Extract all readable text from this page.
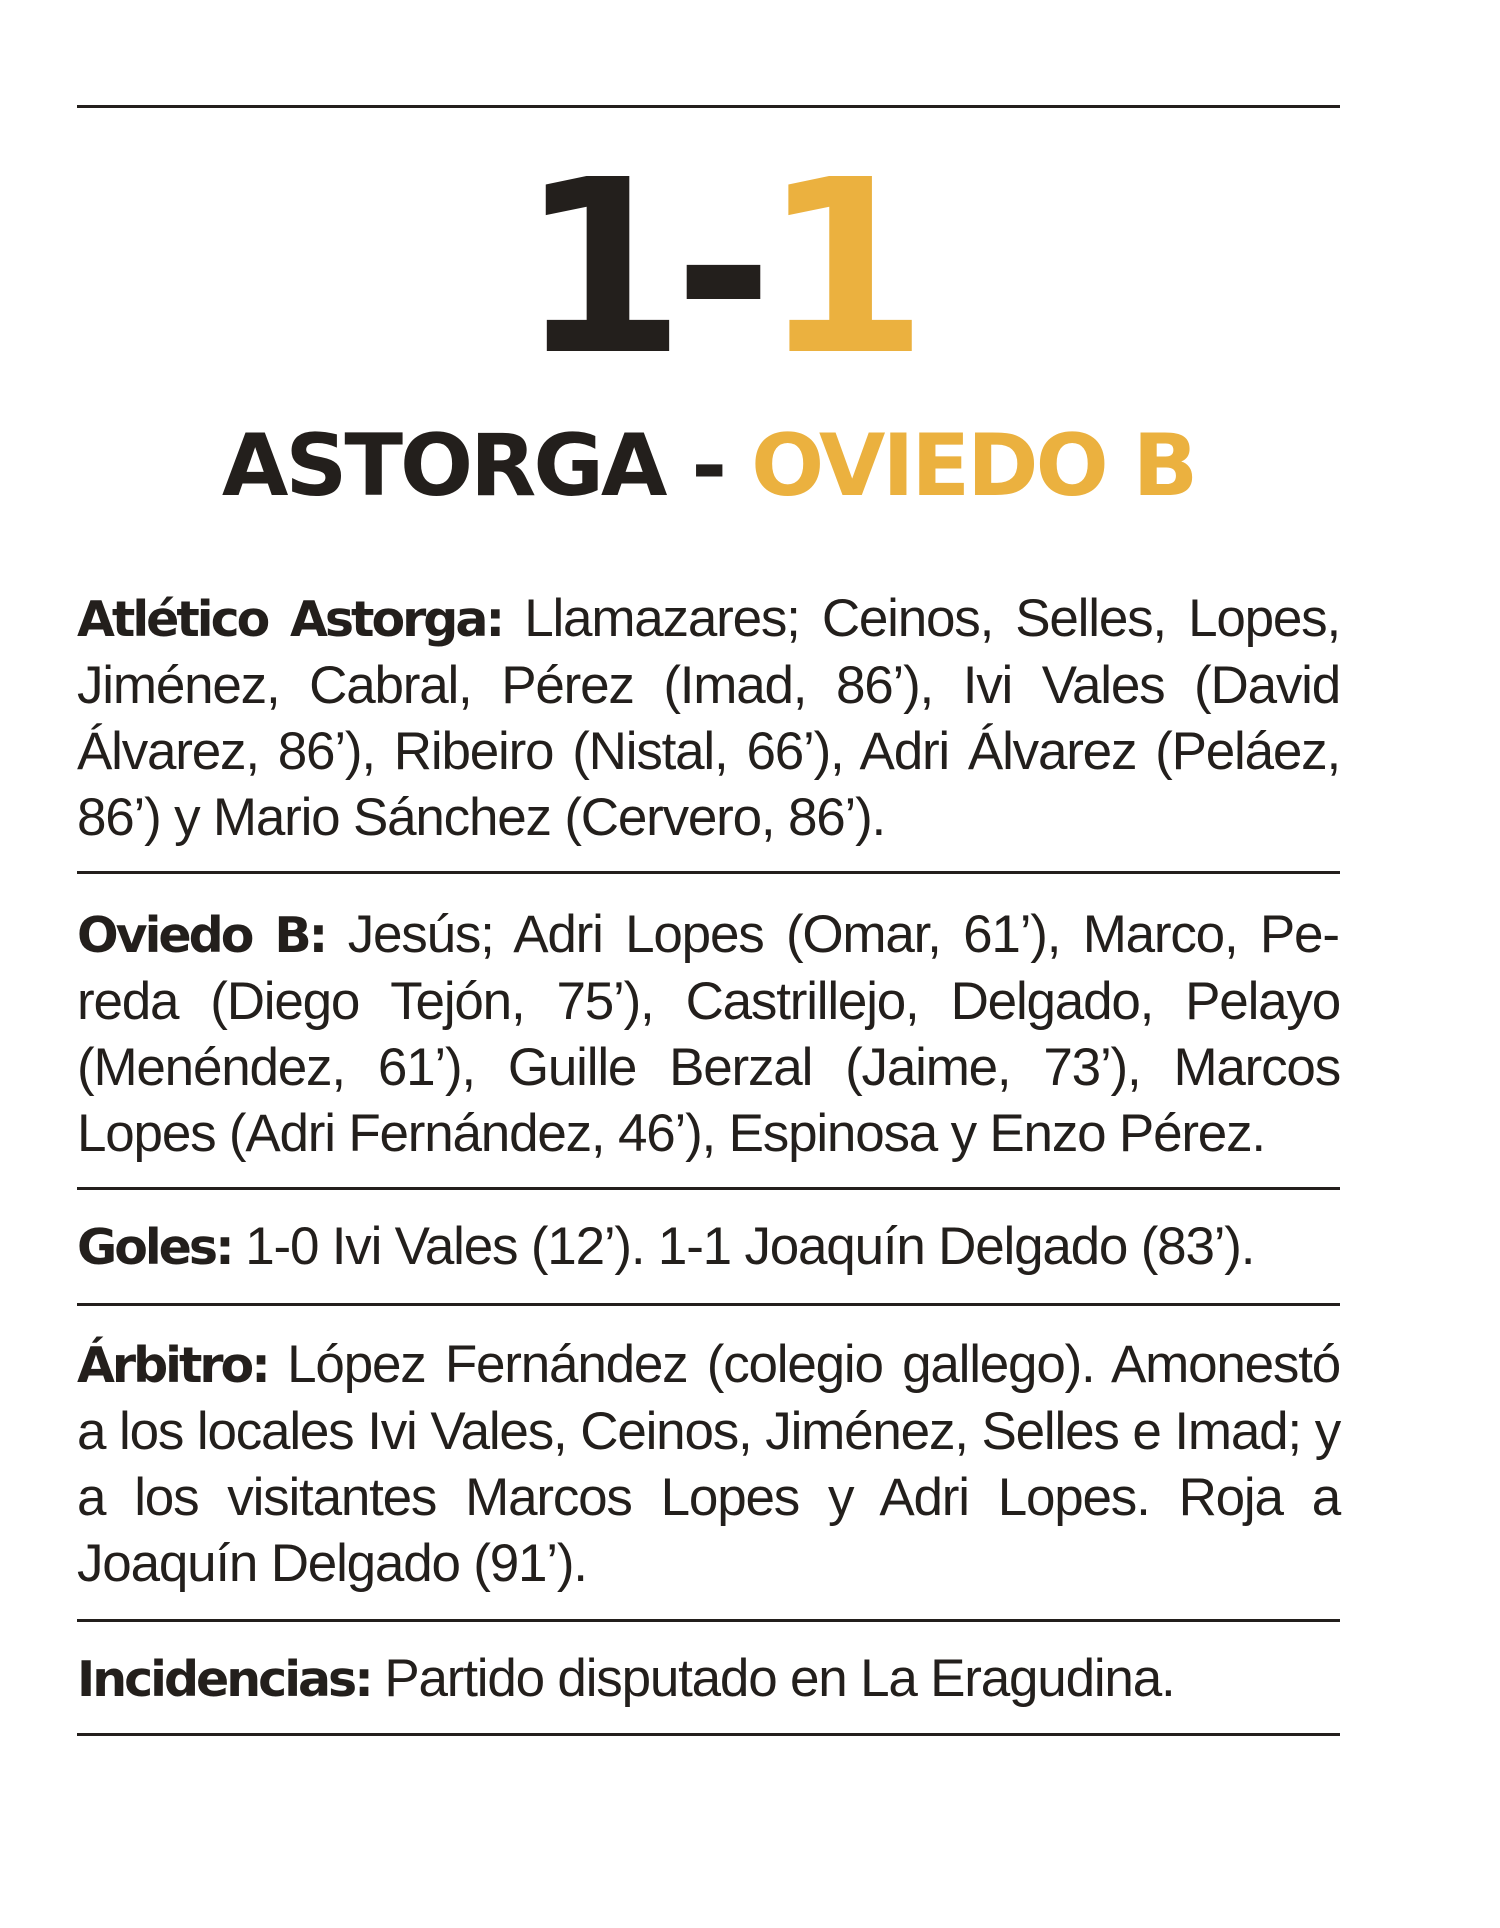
1-1
ASTORGA - OVIEDO B
Atlético Astorga: Llamazares; Ceinos, Selles, Lopes, Jiménez, Cabral, Pérez (Imad, 86’), Ivi Vales (David Álvarez, 86’), Ribeiro (Nistal, 66’), Adri Álvarez (Peláez, 86’) y Mario Sánchez (Cervero, 86’).
Oviedo B: Jesús; Adri Lopes (Omar, 61’), Marco, Pereda (Diego Tejón, 75’), Castrillejo, Delgado, Pelayo (Menéndez, 61’), Guille Berzal (Jaime, 73’), Marcos Lopes (Adri Fernández, 46’), Espinosa y Enzo Pérez.
Goles: 1-0 Ivi Vales (12’). 1-1 Joaquín Delgado (83’).
Árbitro: López Fernández (colegio gallego). Amonestó a los locales Ivi Vales, Ceinos, Jiménez, Selles e Imad; y a los visitantes Marcos Lopes y Adri Lopes. Roja a Joaquín Delgado (91’).
Incidencias: Partido disputado en La Eragudina.
